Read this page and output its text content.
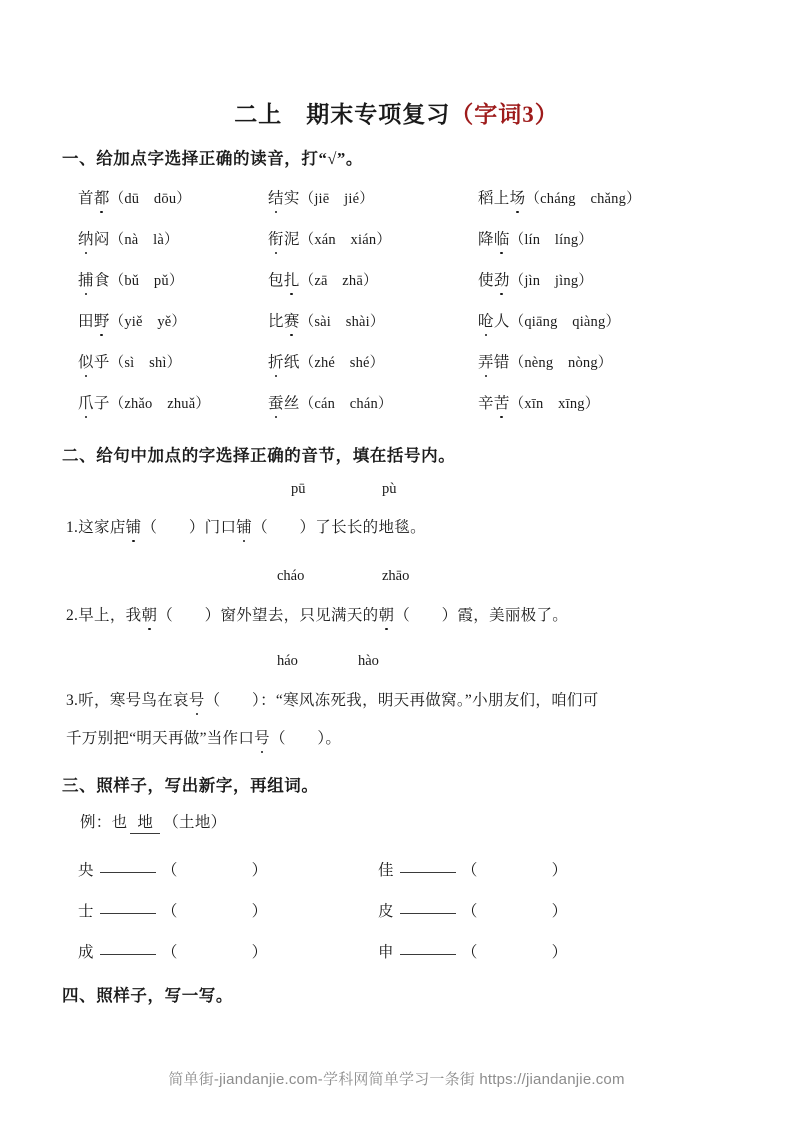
二上　期末专项复习（字词3）
一、给加点字选择正确的读音，打“√”。
首都（dū　dōu）	结实（jiē　jié）	稻上场（cháng　chǎng）
纳闷（nà　là）	衔泥（xán　xián）	降临（lín　líng）
捕食（bǔ　pǔ）	包扎（zā　zhā）	使劲（jìn　jìng）
田野（yiě　yě）	比赛（sài　shài）	呛人（qiāng　qiàng）
似乎（sì　shì）	折纸（zhé　shé）	弄错（nèng　nòng）
爪子（zhǎo　zhuǎ）	蚕丝（cán　chán）	辛苦（xīn　xīng）
二、给句中加点的字选择正确的音节，填在括号内。
pū	pù
1.这家店铺（　　）门口铺（　　）了长长的地毯。
cháo	zhāo
2.早上，我朝（　　）窗外望去，只见满天的朝（　　）霞，美丽极了。
háo	hào
3.听，寒号鸟在哀号（　　）：“寒风冻死我，明天再做窝。”小朋友们，咱们可
千万别把“明天再做”当作口号（　　）。
三、照样子，写出新字，再组词。
例：也 地 （土地）
央	（	）	佳	（	）
士	（	）	皮	（	）
成	（	）	申	（	）
四、照样子，写一写。
简单街-jiandanjie.com-学科网简单学习一条街 https://jiandanjie.com
